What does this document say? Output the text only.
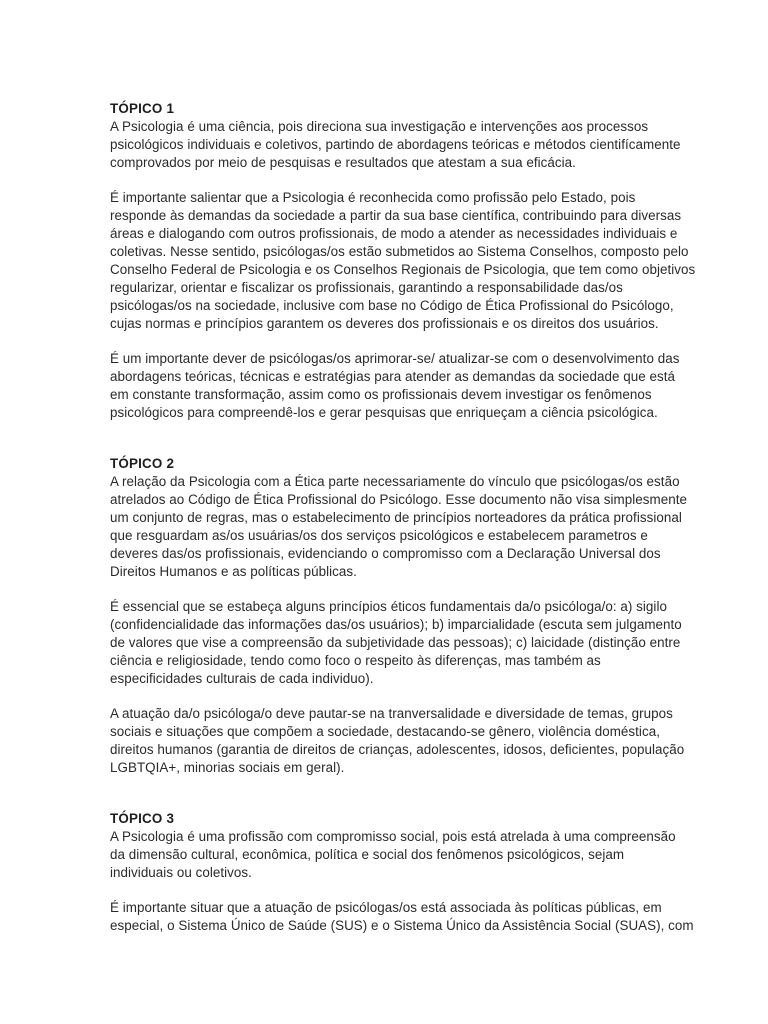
TÓPICO 1

A Psicologia é uma ciência, pois direciona sua investigação e intervenções aos processos
psicológicos individuais e coletivos, partindo de abordagens teóricas e métodos cientifícamente
comprovados por meio de pesquisas e resultados que atestam a sua eficácia.

É importante salientar que a Psicologia é reconhecida como profissão pelo Estado, pois
responde às demandas da sociedade a partir da sua base científica, contribuindo para diversas
áreas e dialogando com outros profissionais, de modo a atender as necessidades individuais e
coletivas. Nesse sentido, psicólogas/os estão submetidos ao Sistema Conselhos, composto pelo
Conselho Federal de Psicologia e os Conselhos Regionais de Psicologia, que tem como objetivos
regularizar, orientar e fiscalizar os profissionais, garantindo a responsabilidade das/os
psicólogas/os na sociedade, inclusive com base no Código de Ética Profissional do Psicólogo,
cujas normas e princípios garantem os deveres dos profissionais e os direitos dos usuários.

É um importante dever de psicólogas/os aprimorar-se/ atualizar-se com o desenvolvimento das
abordagens teóricas, técnicas e estratégias para atender as demandas da sociedade que está
em constante transformação, assim como os profissionais devem investigar os fenômenos
psicológicos para compreendê-los e gerar pesquisas que enriqueçam a ciência psicológica.

TÓPICO 2

A relação da Psicologia com a Ética parte necessariamente do vínculo que psicólogas/os estão
atrelados ao Código de Ética Profissional do Psicólogo. Esse documento não visa simplesmente
um conjunto de regras, mas o estabelecimento de princípios norteadores da prática profissional
que resguardam as/os usuárias/os dos serviços psicológicos e estabelecem parametros e
deveres das/os profissionais, evidenciando o compromisso com a Declaração Universal dos
Direitos Humanos e as políticas públicas.

É essencial que se estabeça alguns princípios éticos fundamentais da/o psicóloga/o: a) sigilo
(confidencialidade das informações das/os usuários); b) imparcialidade (escuta sem julgamento
de valores que vise a compreensão da subjetividade das pessoas); c) laicidade (distinção entre
ciência e religiosidade, tendo como foco o respeito às diferenças, mas também as
especificidades culturais de cada individuo).

A atuação da/o psicóloga/o deve pautar-se na tranversalidade e diversidade de temas, grupos
sociais e situações que compõem a sociedade, destacando-se gênero, violência doméstica,
direitos humanos (garantia de direitos de crianças, adolescentes, idosos, deficientes, população
LGBTQIA+, minorias sociais em geral).

TÓPICO 3

A Psicologia é uma profissão com compromisso social, pois está atrelada à uma compreensão
da dimensão cultural, econômica, política e social dos fenômenos psicológicos, sejam
individuais ou coletivos.

É importante situar que a atuação de psicólogas/os está associada às políticas públicas, em
especial, o Sistema Único de Saúde (SUS) e o Sistema Único da Assistência Social (SUAS), com
